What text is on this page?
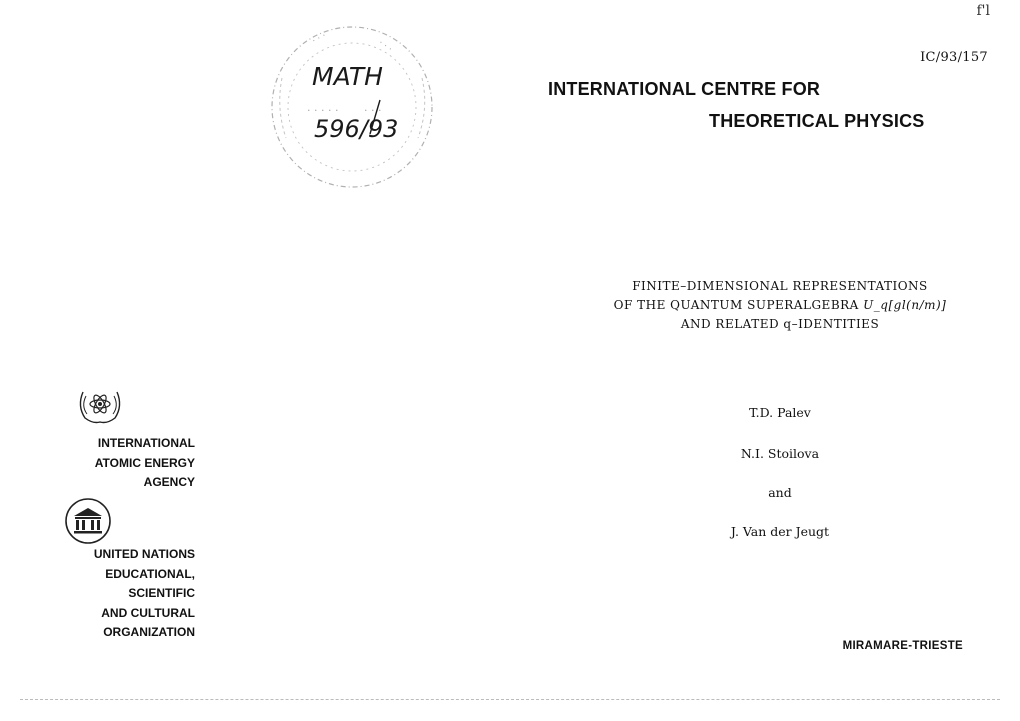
f'l
IC/93/157
· · ·	· · ·
· · · · · · · ·
MATH
596/93
INTERNATIONAL CENTRE FOR
THEORETICAL PHYSICS
FINITE–DIMENSIONAL REPRESENTATIONS
OF THE QUANTUM SUPERALGEBRA U_q[gl(n/m)]
AND RELATED q–IDENTITIES
T.D. Palev
N.I. Stoilova
and
J. Van der Jeugt
INTERNATIONAL
ATOMIC ENERGY
AGENCY
UNITED NATIONS
EDUCATIONAL,
SCIENTIFIC
AND CULTURAL
ORGANIZATION
MIRAMARE-TRIESTE
